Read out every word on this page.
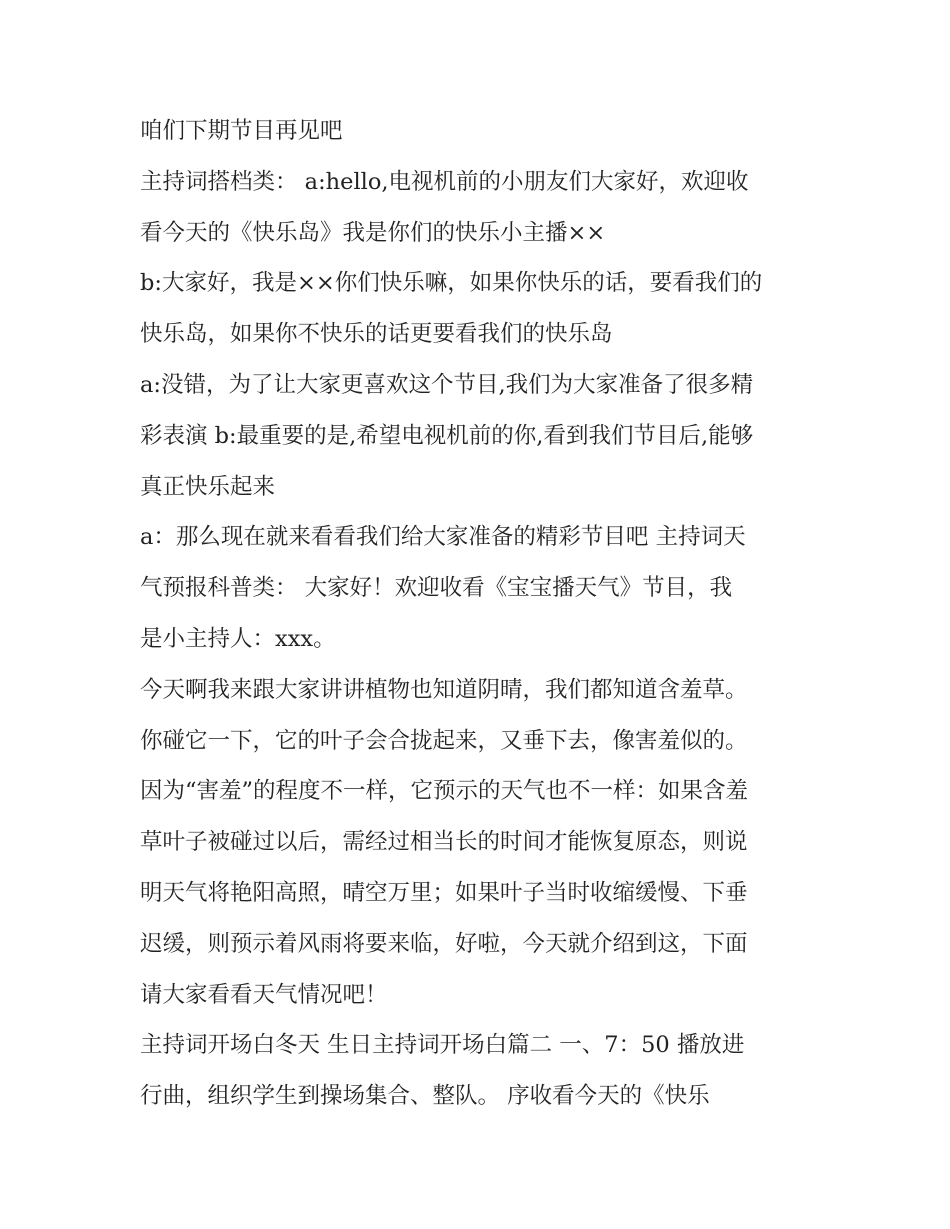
咱们下期节目再见吧
主持词搭档类： a:hello,电视机前的小朋友们大家好，欢迎收
看今天的《快乐岛》我是你们的快乐小主播××
b:大家好，我是××你们快乐嘛，如果你快乐的话，要看我们的
快乐岛，如果你不快乐的话更要看我们的快乐岛
a:没错，为了让大家更喜欢这个节目,我们为大家准备了很多精
彩表演 b:最重要的是,希望电视机前的你,看到我们节目后,能够
真正快乐起来
a：那么现在就来看看我们给大家准备的精彩节目吧 主持词天
气预报科普类： 大家好！欢迎收看《宝宝播天气》节目，我
是小主持人：xxx。
今天啊我来跟大家讲讲植物也知道阴晴，我们都知道含羞草。
你碰它一下，它的叶子会合拢起来，又垂下去，像害羞似的。
因为“害羞”的程度不一样，它预示的天气也不一样：如果含羞
草叶子被碰过以后，需经过相当长的时间才能恢复原态，则说
明天气将艳阳高照，晴空万里；如果叶子当时收缩缓慢、下垂
迟缓，则预示着风雨将要来临，好啦，今天就介绍到这，下面
请大家看看天气情况吧！
主持词开场白冬天 生日主持词开场白篇二 一、7：50 播放进
行曲，组织学生到操场集合、整队。 序收看今天的《快乐
